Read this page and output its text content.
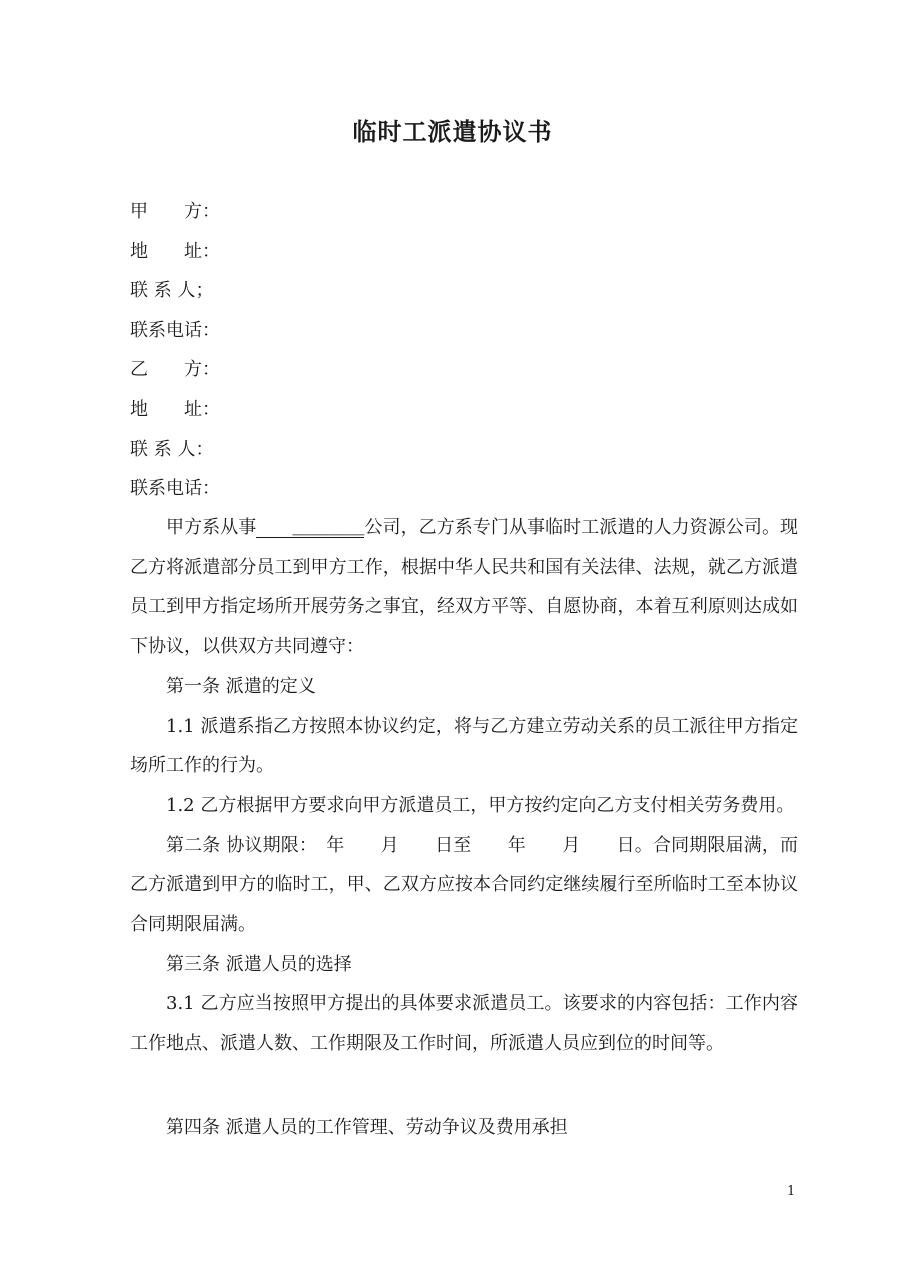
临时工派遣协议书
甲　　方：
地　　址：
联 系 人；
联系电话：
乙　　方：
地　　址：
联 系 人：
联系电话：

甲方系从事 ＿＿＿＿公司，乙方系专门从事临时工派遣的人力资源公司。现乙方将派遣部分员工到甲方工作，根据中华人民共和国有关法律、法规，就乙方派遣员工到甲方指定场所开展劳务之事宜，经双方平等、自愿协商，本着互利原则达成如下协议，以供双方共同遵守：

第一条 派遣的定义

1.1 派遣系指乙方按照本协议约定，将与乙方建立劳动关系的员工派往甲方指定场所工作的行为。

1.2 乙方根据甲方要求向甲方派遣员工，甲方按约定向乙方支付相关劳务费用。

第二条 协议期限：　年　　月　　日至　　年　　月　　日。合同期限届满，而乙方派遣到甲方的临时工，甲、乙双方应按本合同约定继续履行至所临时工至本协议合同期限届满。

第三条 派遣人员的选择

3.1 乙方应当按照甲方提出的具体要求派遣员工。该要求的内容包括：工作内容工作地点、派遣人数、工作期限及工作时间，所派遣人员应到位的时间等。

第四条 派遣人员的工作管理、劳动争议及费用承担

1
